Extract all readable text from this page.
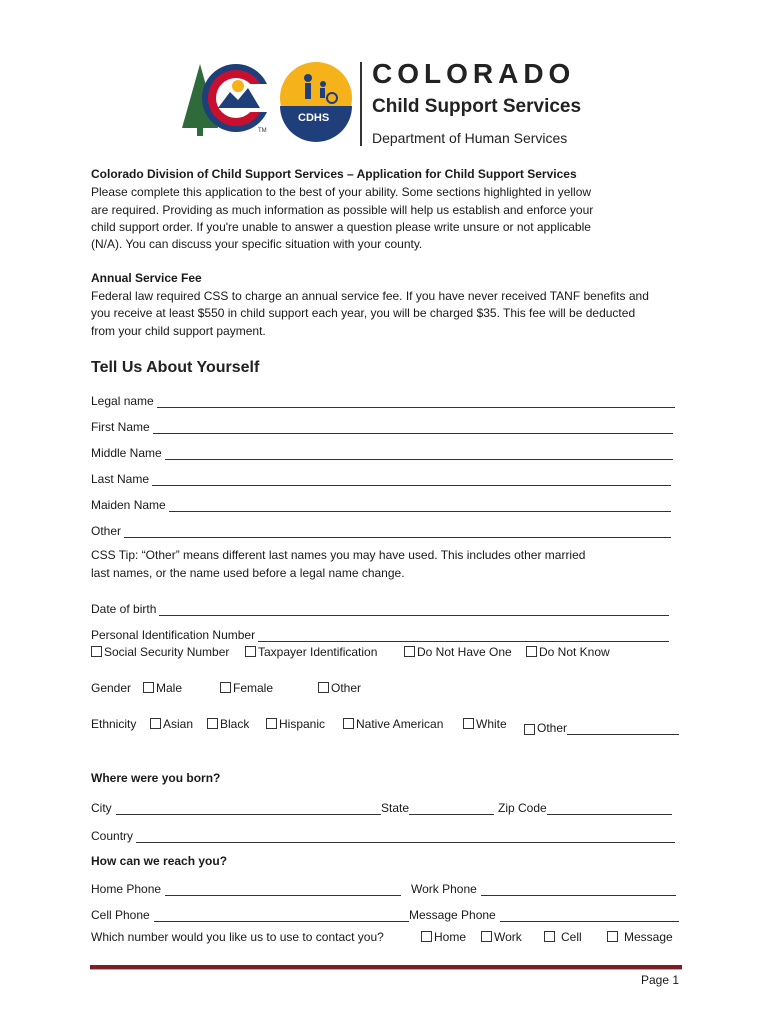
CDHS
TM
COLORADO
Child Support Services
Department of Human Services
Colorado Division of Child Support Services – Application for Child Support Services
Please complete this application to the best of your ability. Some sections highlighted in yellow
are required. Providing as much information as possible will help us establish and enforce your
child support order. If you're unable to answer a question please write unsure or not applicable
(N/A). You can discuss your specific situation with your county.
Annual Service Fee
Federal law required CSS to charge an annual service fee. If you have never received TANF benefits and
you receive at least $550 in child support each year, you will be charged $35. This fee will be deducted
from your child support payment.
Tell Us About Yourself
Legal name
First Name
Middle Name
Last Name
Maiden Name
Other
CSS Tip: “Other” means different last names you may have used. This includes other married
last names, or the name used before a legal name change.
Date of birth
Personal Identification Number
Social Security Number	Taxpayer Identification	Do Not Have One	Do Not Know
Gender	Male	Female	Other
Ethnicity	Asian	Black	Hispanic	Native American	White	Other
Where were you born?
City	State	Zip Code
Country
How can we reach you?
Home Phone	Work Phone
Cell Phone	Message Phone
Which number would you like us to use to contact you?	Home	Work	Cell	Message
Page 1
